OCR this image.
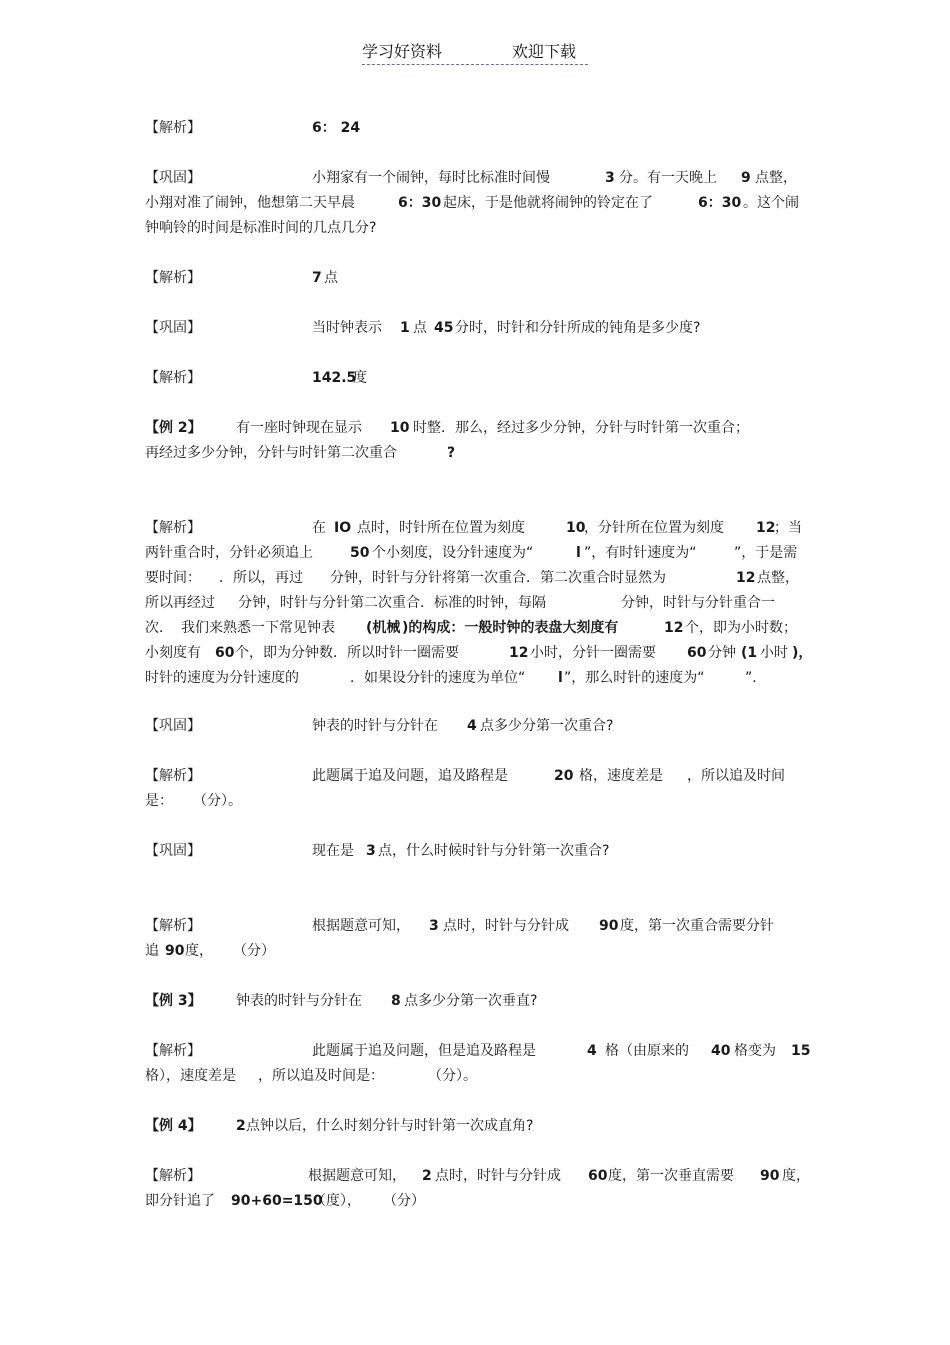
学习好资料	欢迎下载
【解析】	6： 24
【巩固】	小翔家有一个闹钟，每时比标准时间慢	3 分。有一天晚上 9 点整，
小翔对准了闹钟，他想第二天早晨	6：30 起床，于是他就将闹钟的铃定在了	6：30 。这个闹
钟响铃的时间是标准时间的几点几分?
【解析】	7 点
【巩固】	当时钟表示 1 点 45 分时，时针和分针所成的钝角是多少度?
【解析】	142.5
度
【例 2】 有一座时钟现在显示 10 时整．那么，经过多少分钟，分针与时针第一次重合；
再经过多少分钟，分针与时针第二次重合	?
【解析】	在 IO 点时，时针所在位置为刻度	10
，分针所在位置为刻度 12
；当
两针重合时，分针必须追上	50 个小刻度，设分针速度为“	l ”，有时针速度为“	”，于是需
要时间： ．所以，再过 分钟，时针与分针将第一次重合．第二次重合时显然为	12 点整，
所以再经过 分钟，时针与分针第二次重合．标准的时钟，每隔	分钟，时针与分针重合一
次． 我们来熟悉一下常见钟表 (机械 )的构成：一般时钟的表盘大刻度有	12 个，即为小时数；
小刻度有 60 个，即为分钟数．所以时针一圈需要	12 小时，分针一圈需要 60 分钟 (1 小时 )，
时针的速度为分针速度的	．如果设分针的速度为单位“ l ”，那么时针的速度为“	”.
【巩固】	钟表的时针与分针在 4 点多少分第一次重合?
【解析】	此题属于追及问题，追及路程是	20 格，速度差是 ，所以追及时间
是： （分）。
【巩固】	现在是 3 点，什么时候时针与分针第一次重合?
【解析】	根据题意可知， 3 点时，时针与分针成 90 度，第一次重合需要分针
追 90 度， （分）
【例 3】 钟表的时针与分针在 8 点多少分第一次垂直?
【解析】	此题属于追及问题，但是追及路程是	4 格（由原来的 40 格变为 15
格），速度差是 ，所以追及时间是：	（分）。
【例 4】 2 点钟以后，什么时刻分针与时针第一次成直角?
【解析】	根据题意可知， 2 点时，时针与分针成 60 度，第一次垂直需要 90 度，
即分针追了 90+60=150
（度）， （分）
